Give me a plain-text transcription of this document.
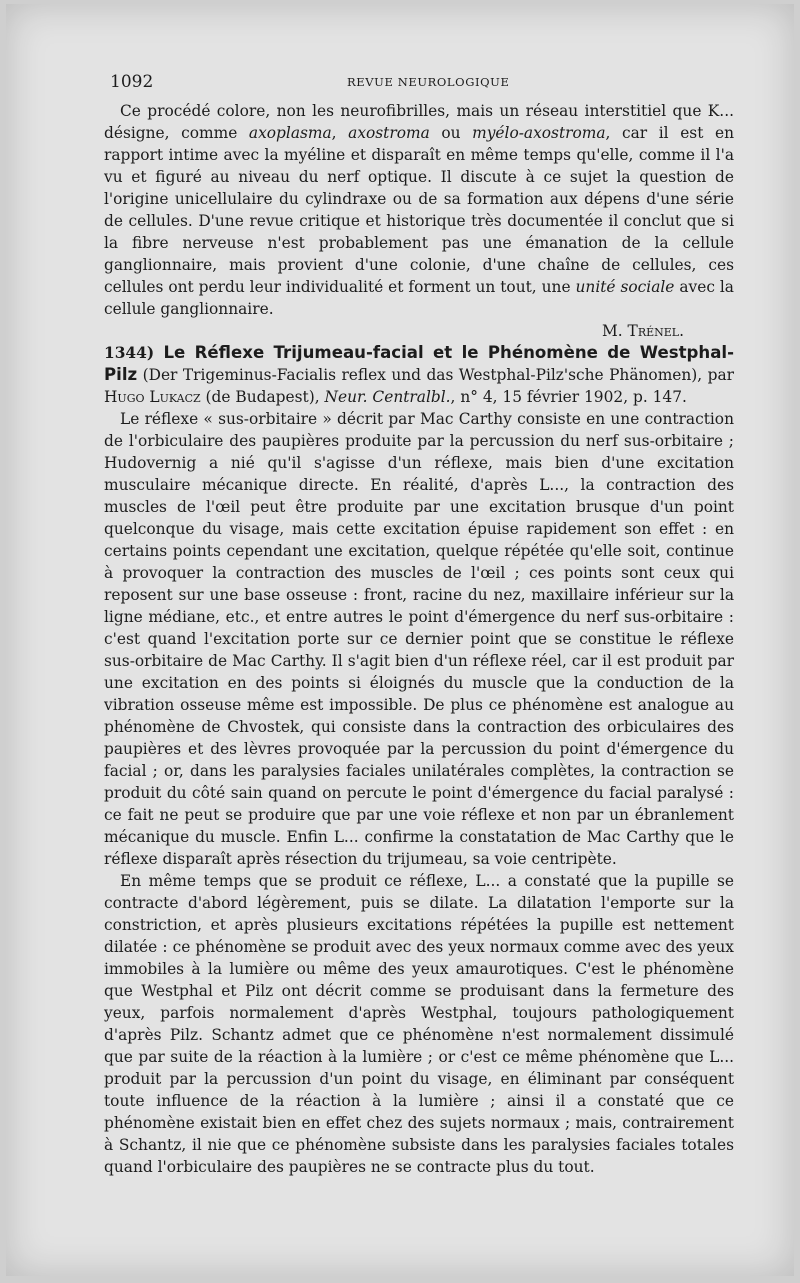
1092	REVUE NEUROLOGIQUE

Ce procédé colore, non les neurofibrilles, mais un réseau interstitiel que K... désigne, comme axoplasma, axostroma ou myélo-axostroma, car il est en rapport intime avec la myéline et disparaît en même temps qu'elle, comme il l'a vu et figuré au niveau du nerf optique. Il discute à ce sujet la question de l'origine unicellulaire du cylindraxe ou de sa formation aux dépens d'une série de cellules. D'une revue critique et historique très documentée il conclut que si la fibre nerveuse n'est probablement pas une émanation de la cellule ganglionnaire, mais provient d'une colonie, d'une chaîne de cellules, ces cellules ont perdu leur individualité et forment un tout, une unité sociale avec la cellule ganglionnaire.

M. Trénel.

1344) Le Réflexe Trijumeau-facial et le Phénomène de Westphal-Pilz (Der Trigeminus-Facialis reflex und das Westphal-Pilz'sche Phänomen), par Hugo Lukacz (de Budapest), Neur. Centralbl., n° 4, 15 février 1902, p. 147.

Le réflexe « sus-orbitaire » décrit par Mac Carthy consiste en une contraction de l'orbiculaire des paupières produite par la percussion du nerf sus-orbitaire ; Hudovernig a nié qu'il s'agisse d'un réflexe, mais bien d'une excitation musculaire mécanique directe. En réalité, d'après L..., la contraction des muscles de l'œil peut être produite par une excitation brusque d'un point quelconque du visage, mais cette excitation épuise rapidement son effet : en certains points cependant une excitation, quelque répétée qu'elle soit, continue à provoquer la contraction des muscles de l'œil ; ces points sont ceux qui reposent sur une base osseuse : front, racine du nez, maxillaire inférieur sur la ligne médiane, etc., et entre autres le point d'émergence du nerf sus-orbitaire : c'est quand l'excitation porte sur ce dernier point que se constitue le réflexe sus-orbitaire de Mac Carthy. Il s'agit bien d'un réflexe réel, car il est produit par une excitation en des points si éloignés du muscle que la conduction de la vibration osseuse même est impossible. De plus ce phénomène est analogue au phénomène de Chvostek, qui consiste dans la contraction des orbiculaires des paupières et des lèvres provoquée par la percussion du point d'émergence du facial ; or, dans les paralysies faciales unilatérales complètes, la contraction se produit du côté sain quand on percute le point d'émergence du facial paralysé : ce fait ne peut se produire que par une voie réflexe et non par un ébranlement mécanique du muscle. Enfin L... confirme la constatation de Mac Carthy que le réflexe disparaît après résection du trijumeau, sa voie centripète.

En même temps que se produit ce réflexe, L... a constaté que la pupille se contracte d'abord légèrement, puis se dilate. La dilatation l'emporte sur la constriction, et après plusieurs excitations répétées la pupille est nettement dilatée : ce phénomène se produit avec des yeux normaux comme avec des yeux immobiles à la lumière ou même des yeux amaurotiques. C'est le phénomène que Westphal et Pilz ont décrit comme se produisant dans la fermeture des yeux, parfois normalement d'après Westphal, toujours pathologiquement d'après Pilz. Schantz admet que ce phénomène n'est normalement dissimulé que par suite de la réaction à la lumière ; or c'est ce même phénomène que L... produit par la percussion d'un point du visage, en éliminant par conséquent toute influence de la réaction à la lumière ; ainsi il a constaté que ce phénomène existait bien en effet chez des sujets normaux ; mais, contrairement à Schantz, il nie que ce phénomène subsiste dans les paralysies faciales totales quand l'orbiculaire des paupières ne se contracte plus du tout.
